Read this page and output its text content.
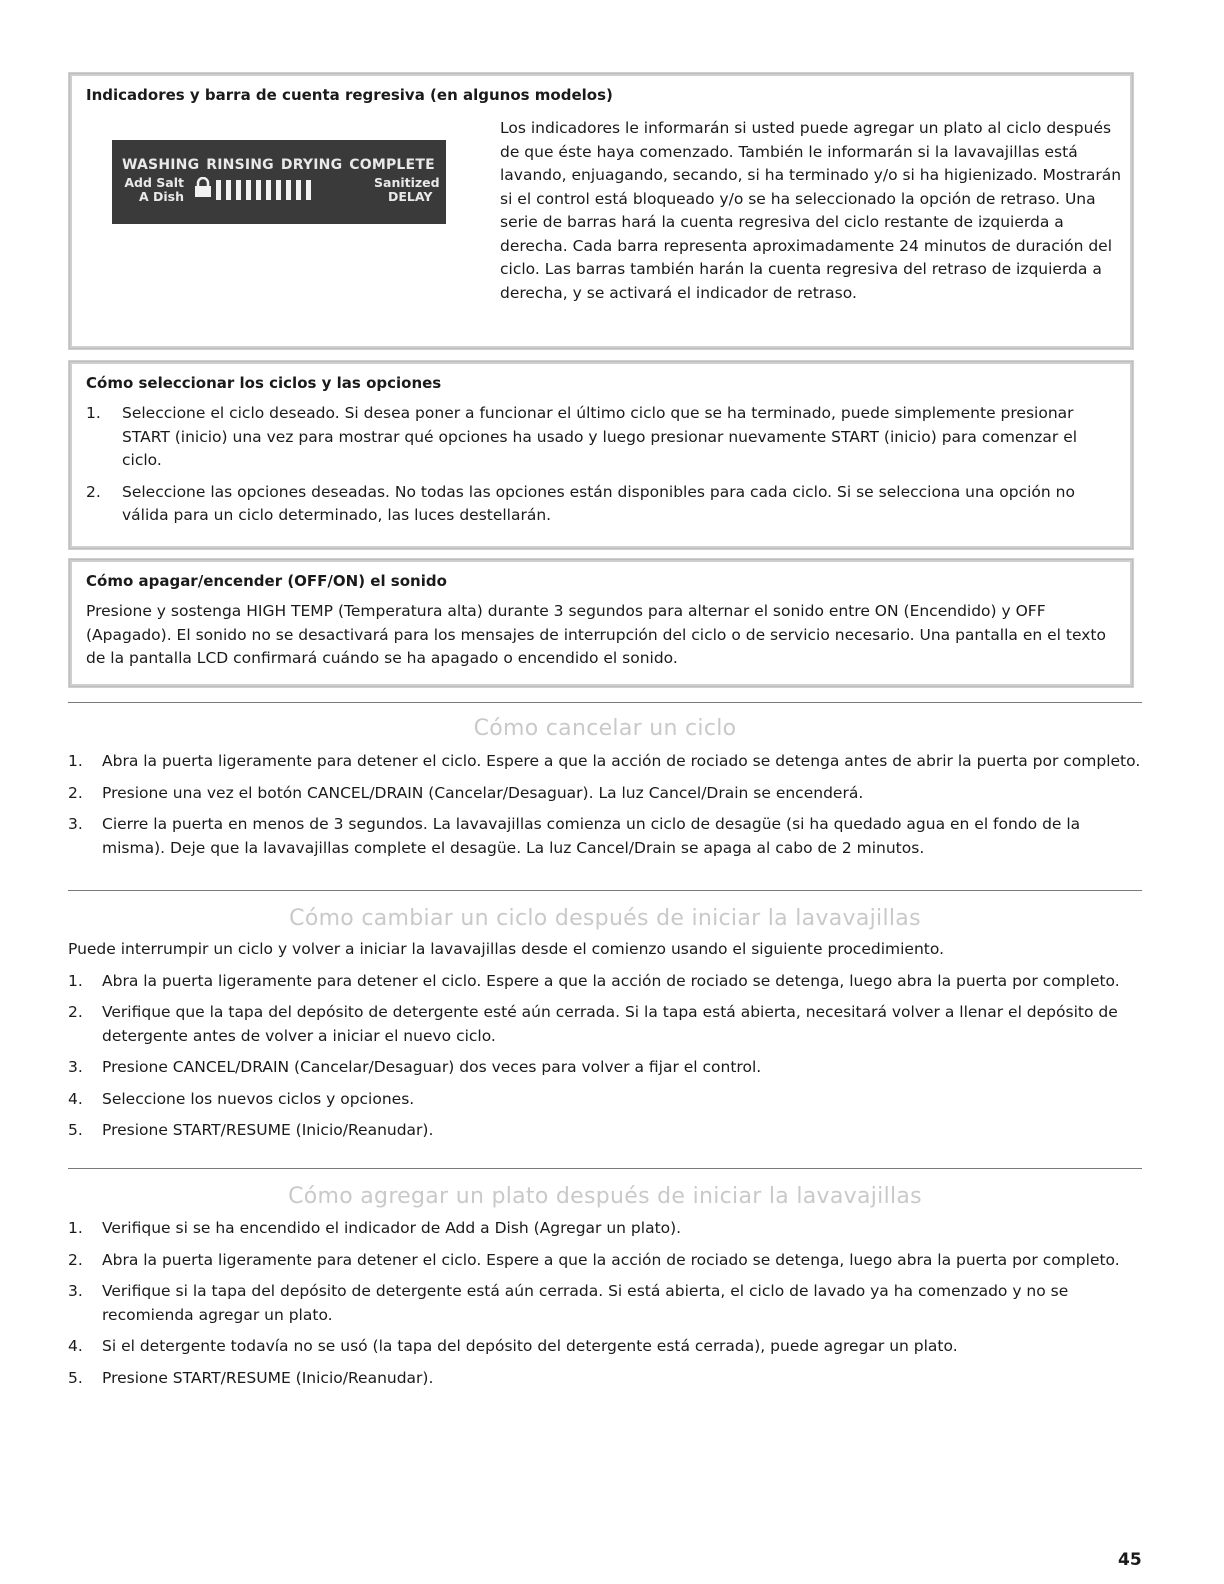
Indicadores y barra de cuenta regresiva (en algunos modelos)
WASHING RINSING DRYING COMPLETE
Add Salt
A Dish
Sanitized
DELAY
Los indicadores le informarán si usted puede agregar un plato al ciclo después de que éste haya comenzado. También le informarán si la lavavajillas está lavando, enjuagando, secando, si ha terminado y/o si ha higienizado. Mostrarán si el control está bloqueado y/o se ha seleccionado la opción de retraso. Una serie de barras hará la cuenta regresiva del ciclo restante de izquierda a derecha. Cada barra representa aproximadamente 24 minutos de duración del ciclo. Las barras también harán la cuenta regresiva del retraso de izquierda a derecha, y se activará el indicador de retraso.
Cómo seleccionar los ciclos y las opciones
1. Seleccione el ciclo deseado. Si desea poner a funcionar el último ciclo que se ha terminado, puede simplemente presionar START (inicio) una vez para mostrar qué opciones ha usado y luego presionar nuevamente START (inicio) para comenzar el ciclo.
2. Seleccione las opciones deseadas. No todas las opciones están disponibles para cada ciclo. Si se selecciona una opción no válida para un ciclo determinado, las luces destellarán.
Cómo apagar/encender (OFF/ON) el sonido
Presione y sostenga HIGH TEMP (Temperatura alta) durante 3 segundos para alternar el sonido entre ON (Encendido) y OFF (Apagado). El sonido no se desactivará para los mensajes de interrupción del ciclo o de servicio necesario. Una pantalla en el texto de la pantalla LCD confirmará cuándo se ha apagado o encendido el sonido.
Cómo cancelar un ciclo
1. Abra la puerta ligeramente para detener el ciclo. Espere a que la acción de rociado se detenga antes de abrir la puerta por completo.
2. Presione una vez el botón CANCEL/DRAIN (Cancelar/Desaguar). La luz Cancel/Drain se encenderá.
3. Cierre la puerta en menos de 3 segundos. La lavavajillas comienza un ciclo de desagüe (si ha quedado agua en el fondo de la misma). Deje que la lavavajillas complete el desagüe. La luz Cancel/Drain se apaga al cabo de 2 minutos.
Cómo cambiar un ciclo después de iniciar la lavavajillas
Puede interrumpir un ciclo y volver a iniciar la lavavajillas desde el comienzo usando el siguiente procedimiento.
1. Abra la puerta ligeramente para detener el ciclo. Espere a que la acción de rociado se detenga, luego abra la puerta por completo.
2. Verifique que la tapa del depósito de detergente esté aún cerrada. Si la tapa está abierta, necesitará volver a llenar el depósito de detergente antes de volver a iniciar el nuevo ciclo.
3. Presione CANCEL/DRAIN (Cancelar/Desaguar) dos veces para volver a fijar el control.
4. Seleccione los nuevos ciclos y opciones.
5. Presione START/RESUME (Inicio/Reanudar).
Cómo agregar un plato después de iniciar la lavavajillas
1. Verifique si se ha encendido el indicador de Add a Dish (Agregar un plato).
2. Abra la puerta ligeramente para detener el ciclo. Espere a que la acción de rociado se detenga, luego abra la puerta por completo.
3. Verifique si la tapa del depósito de detergente está aún cerrada. Si está abierta, el ciclo de lavado ya ha comenzado y no se recomienda agregar un plato.
4. Si el detergente todavía no se usó (la tapa del depósito del detergente está cerrada), puede agregar un plato.
5. Presione START/RESUME (Inicio/Reanudar).
45
